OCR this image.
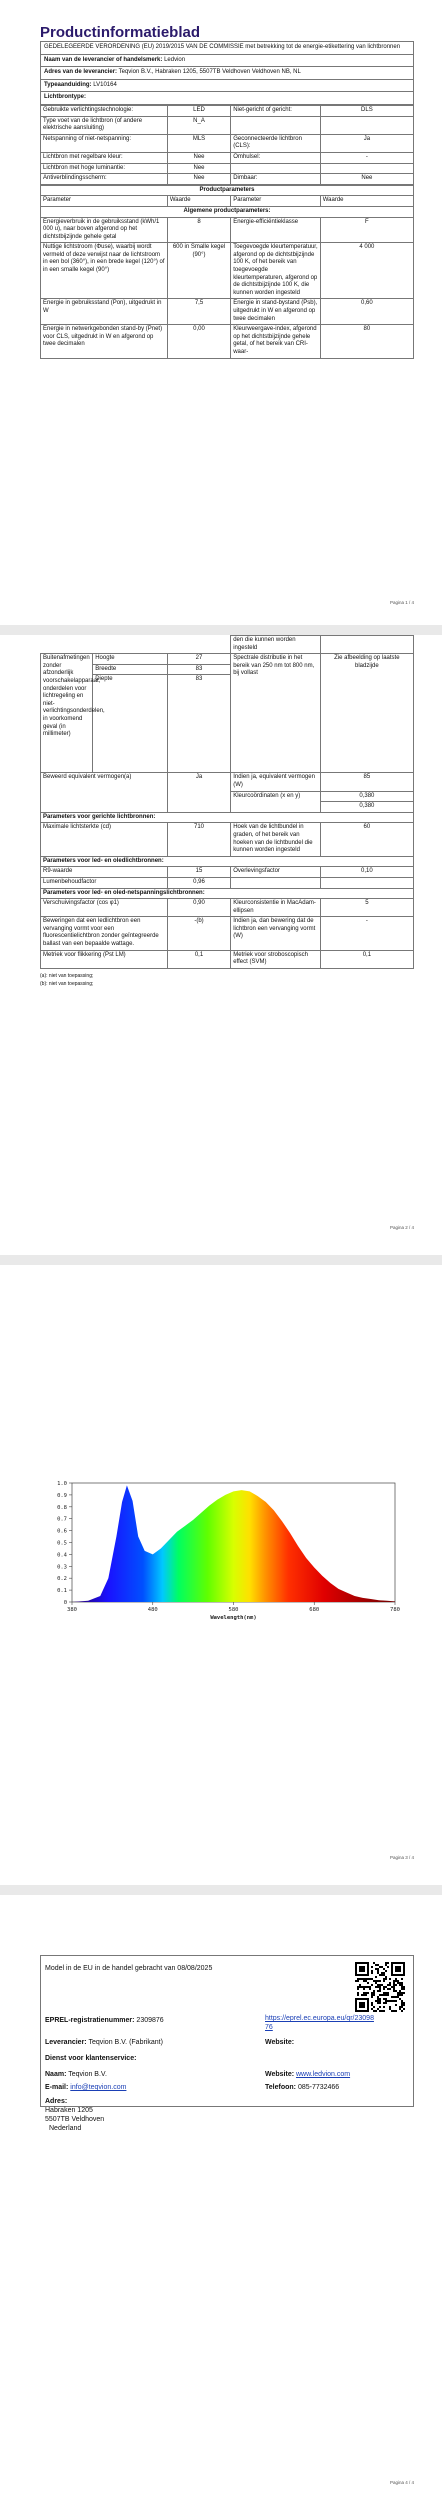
Productinformatieblad
GEDELEGEERDE VERORDENING (EU) 2019/2015 VAN DE COMMISSIE met betrekking tot de energie-etikettering van lichtbronnen
Naam van de leverancier of handelsmerk: Ledvion
Adres van de leverancier: Teqvion B.V., Habraken 1205, 5507TB Veldhoven Veldhoven NB, NL
Typeaanduiding: LV10164
Lichtbrontype:
Gebruikte verlichtingstechnologie:	LED	Niet-gericht of gericht:	DLS
Type voet van de lichtbron (of andere elektrische aansluiting)	N_A		
Netspanning of niet-netspanning:	MLS	Geconnecteerde lichtbron (CLS):	Ja
Lichtbron met regelbare kleur:	Nee	Omhulsel:	-
Lichtbron met hoge luminantie:	Nee		
Antiverblindingsscherm:	Nee	Dimbaar:	Nee
Productparameters			
Parameter	Waarde	Parameter	Waarde
Algemene productparameters:			
Energieverbruik in de gebruiksstand (kWh/1 000 u), naar boven afgerond op het dichtstbijzijnde gehele getal	8	Energie-efficiëntieklasse	F
Nuttige lichtstroom (Φuse), waarbij wordt vermeld of deze verwijst naar de lichtstroom in een bol (360°), in een brede kegel (120°) of in een smalle kegel (90°)	600 in Smalle kegel (90°)	Toegevoegde kleurtemperatuur, afgerond op de dichtstbijzijnde 100 K, of het bereik van toegevoegde kleurtemperaturen, afgerond op de dichtstbijzijnde 100 K, die kunnen worden ingesteld	4 000
Energie in gebruiksstand (Pon), uitgedrukt in W	7,5	Energie in stand-bystand (Psb), uitgedrukt in W en afgerond op twee decimalen	0,60
Energie in netwerkgebonden stand-by (Pnet) voor CLS, uitgedrukt in W en afgerond op twee decimalen	0,00	Kleurweergave-index, afgerond op het dichtstbijzijnde gehele getal, of het bereik van CRI-waar-	80
Pagina 1 / 4
			den die kunnen worden ingesteld	
Buitenafmetingen zonder afzonderlijk voorschakelapparaat, onderdelen voor lichtregeling en niet-verlichtingsonderdelen, in voorkomend geval (in millimeter)	Hoogte	27	Spectrale distributie in het bereik van 250 nm tot 800 nm, bij vollast	Zie afbeelding op laatste bladzijde
	Breedte	83		
	Diepte	83		
Beweerd equivalent vermogen(a)		Ja	Indien ja, equivalent vermogen (W)	85
			Kleurcoördinaten (x en y)	0,380
				0,380
Parameters voor gerichte lichtbronnen:				
Maximale lichtsterkte (cd)		710	Hoek van de lichtbundel in graden, of het bereik van hoeken van de lichtbundel die kunnen worden ingesteld	60
Parameters voor led- en oledlichtbronnen:				
R9-waarde		15	Overlevingsfactor	0,10
Lumenbehoudfactor		0,96		
Parameters voor led- en oled-netspanningslichtbronnen:				
Verschuivingsfactor (cos φ1)		0,90	Kleurconsistentie in MacAdam-ellipsen	5
Beweringen dat een ledlichtbron een vervanging vormt voor een fluorescentielichtbron zonder geïntegreerde ballast van een bepaalde wattage.		-(b)	Indien ja, dan bewering dat de lichtbron een vervanging vormt (W)	-
Metriek voor flikkering (Pst LM)		0,1	Metriek voor stroboscopisch effect (SVM)	0,1
(a): niet van toepassing;
(b): niet van toepassing;
Pagina 2 / 4
0
0.1
0.2
0.3
0.4
0.5
0.6
0.7
0.8
0.9
1.0
380	480	580	680	780
Wavelength(nm)
Pagina 3 / 4
Model in de EU in de handel gebracht van 08/08/2025
EPREL-registratienummer: 2309876	https://eprel.ec.europa.eu/qr/2309876
Leverancier: Teqvion B.V. (Fabrikant)	Website:
Dienst voor klantenservice:
Naam: Teqvion B.V.	Website: www.ledvion.com
E-mail: info@teqvion.com	Telefoon: 085-7732466
Adres:
Habraken 1205
5507TB Veldhoven
Nederland
Pagina 4 / 4
